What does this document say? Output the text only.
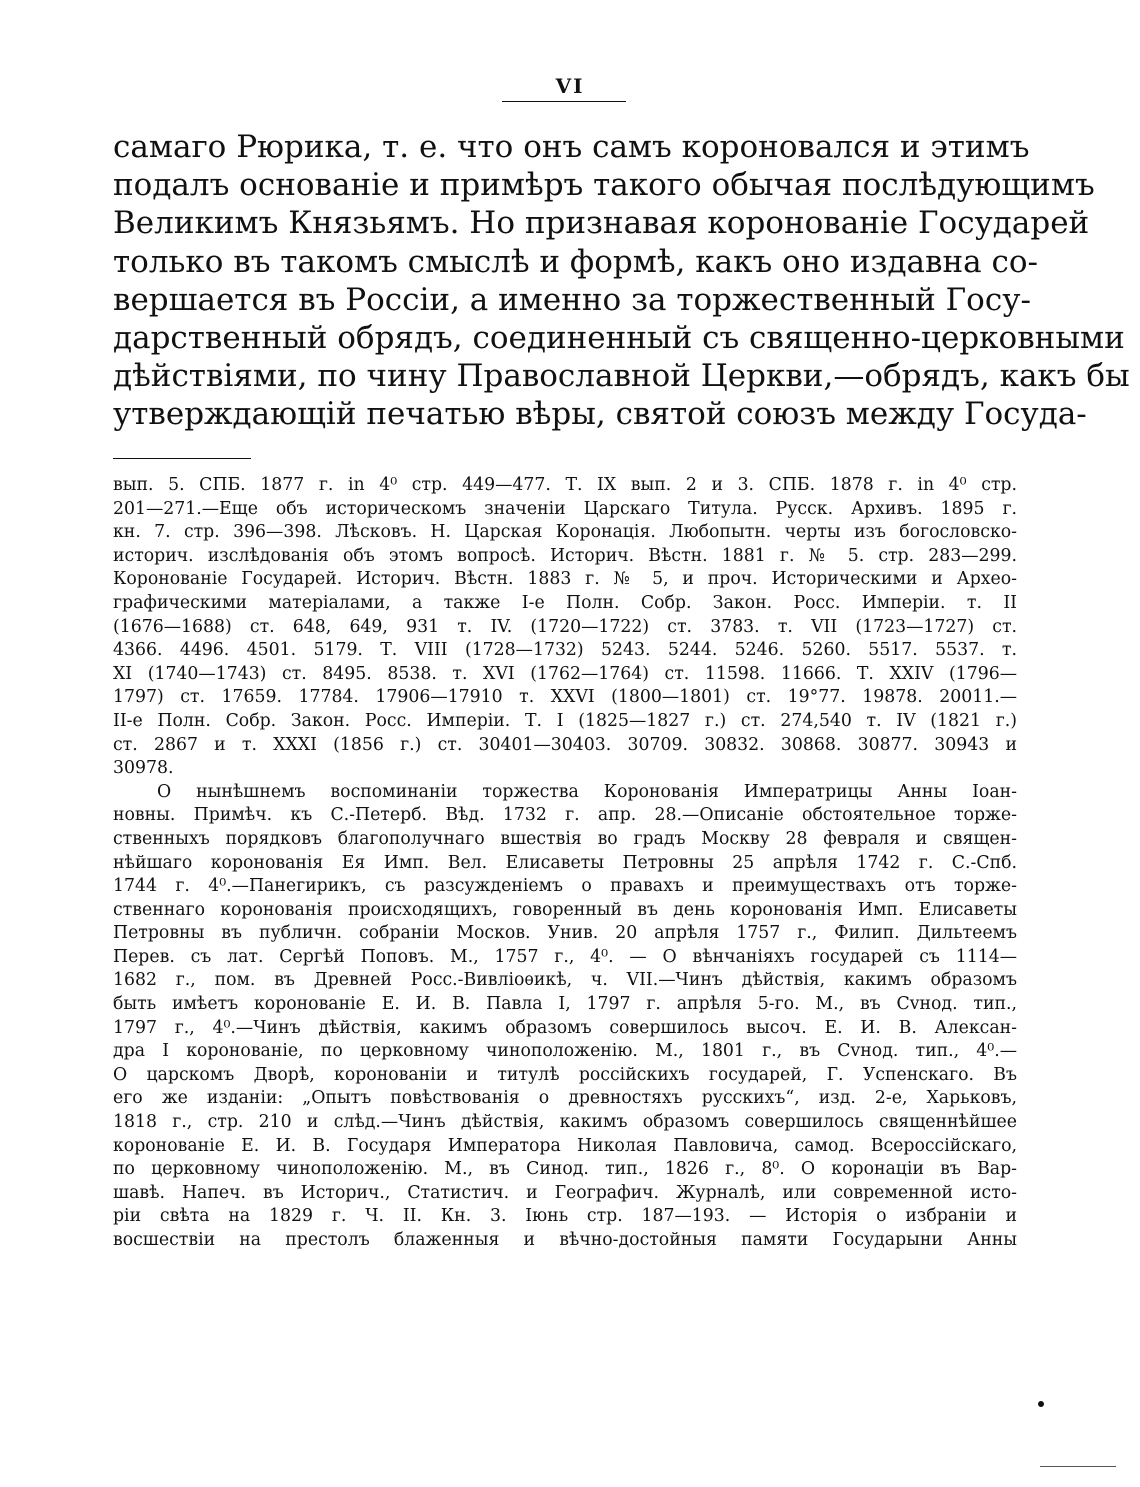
VI
самаго Рюрика, т. е. что онъ самъ короновался и этимъ
подалъ основаніе и примѣръ такого обычая послѣдующимъ
Великимъ Князьямъ. Но признавая коронованіе Государей
только въ такомъ смыслѣ и формѣ, какъ оно издавна со-
вершается въ Россіи, а именно за торжественный Госу-
дарственный обрядъ, соединенный съ священно-церковными
дѣйствіями, по чину Православной Церкви,—обрядъ, какъ бы
утверждающій печатью вѣры, святой союзъ между Госуда-
вып. 5. СПБ. 1877 г. in 4⁰ стр. 449—477. Т. IX вып. 2 и 3. СПБ. 1878 г. in 4⁰ стр.
201—271.—Еще объ историческомъ значеніи Царскаго Титула. Русск. Архивъ. 1895 г.
кн. 7. стр. 396—398. Лѣсковъ. Н. Царская Коронація. Любопытн. черты изъ богословско-
историч. изслѣдованія объ этомъ вопросѣ. Историч. Вѣстн. 1881 г. № 5. стр. 283—299.
Коронованіе Государей. Историч. Вѣстн. 1883 г. № 5, и проч. Историческими и Архео-
графическими матеріалами, а также I-е Полн. Собр. Закон. Росс. Имперіи. т. II
(1676—1688) ст. 648, 649, 931 т. IV. (1720—1722) ст. 3783. т. VII (1723—1727) ст.
4366. 4496. 4501. 5179. Т. VIII (1728—1732) 5243. 5244. 5246. 5260. 5517. 5537. т.
XI (1740—1743) ст. 8495. 8538. т. XVI (1762—1764) ст. 11598. 11666. Т. XXIV (1796—
1797) ст. 17659. 17784. 17906—17910 т. XXVI (1800—1801) ст. 19°77. 19878. 20011.—
II-е Полн. Собр. Закон. Росс. Имперіи. Т. I (1825—1827 г.) ст. 274,540 т. IV (1821 г.)
ст. 2867 и т. XXXI (1856 г.) ст. 30401—30403. 30709. 30832. 30868. 30877. 30943 и
30978.
О нынѣшнемъ воспоминаніи торжества Коронованія Императрицы Анны Іоан-
новны. Примѣч. къ С.-Петерб. Вѣд. 1732 г. апр. 28.—Описаніе обстоятельное торже-
ственныхъ порядковъ благополучнаго вшествія во градъ Москву 28 февраля и священ-
нѣйшаго коронованія Ея Имп. Вел. Елисаветы Петровны 25 апрѣля 1742 г. С.-Спб.
1744 г. 4⁰.—Панегирикъ, съ разсужденіемъ о правахъ и преимуществахъ отъ торже-
ственнаго коронованія происходящихъ, говоренный въ день коронованія Имп. Елисаветы
Петровны въ публичн. собраніи Москов. Унив. 20 апрѣля 1757 г., Филип. Дильтеемъ
Перев. съ лат. Сергѣй Поповъ. М., 1757 г., 4⁰. — О вѣнчаніяхъ государей съ 1114—
1682 г., пом. въ Древней Росс.-Вивліоѳикѣ, ч. VII.—Чинъ дѣйствія, какимъ образомъ
быть имѣетъ коронованіе Е. И. В. Павла I, 1797 г. апрѣля 5-го. М., въ Сvнод. тип.,
1797 г., 4⁰.—Чинъ дѣйствія, какимъ образомъ совершилось высоч. Е. И. В. Алексан-
дра I коронованіе, по церковному чиноположенію. М., 1801 г., въ Сvнод. тип., 4⁰.—
О царскомъ Дворѣ, коронованіи и титулѣ россійскихъ государей, Г. Успенскаго. Въ
его же изданіи: „Опытъ повѣствованія о древностяхъ русскихъ“, изд. 2-е, Харьковъ,
1818 г., стр. 210 и слѣд.—Чинъ дѣйствія, какимъ образомъ совершилось священнѣйшее
коронованіе Е. И. В. Государя Императора Николая Павловича, самод. Всероссійскаго,
по церковному чиноположенію. М., въ Синод. тип., 1826 г., 8⁰. О коронаціи въ Вар-
шавѣ. Напеч. въ Историч., Статистич. и Географич. Журналѣ, или современной исто-
ріи свѣта на 1829 г. Ч. II. Кн. 3. Іюнь стр. 187—193. — Исторія о избраніи и
восшествіи на престолъ блаженныя и вѣчно-достойныя памяти Государыни Анны
